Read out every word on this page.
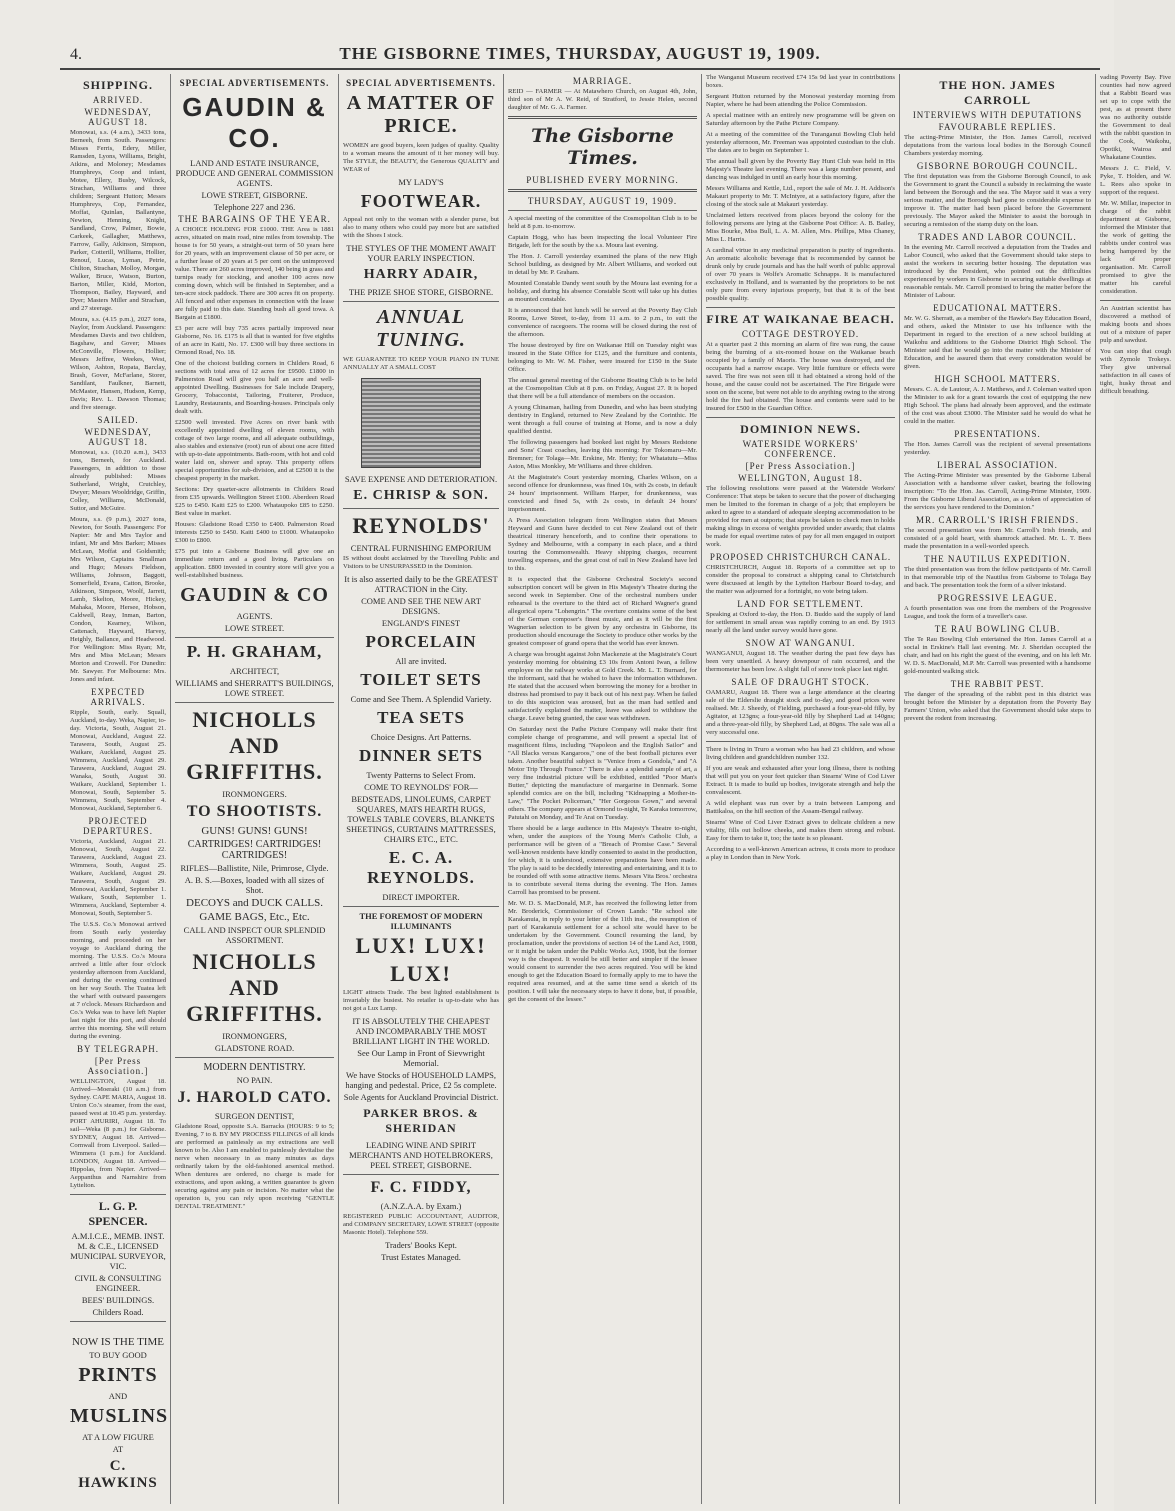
4.	THE GISBORNE TIMES, THURSDAY, AUGUST 19, 1909.
SHIPPING.
ARRIVED.
WEDNESDAY, AUGUST 18.

Monowai, s.s. (4 a.m.), 3433 tons, Berneeh, from South. Passengers: Misses Ferris, Edery, Miller, Ramsden, Lyons, Williams, Bright, Atkins, and Moloney; Mesdames Humphreys, Coop and infant, Motee, Ellery, Busby, Wilcock, Strachan, Williams and three children; Sergeant Hutton; Messrs Humphreys, Cop, Fernandez, Moffat, Quinlan, Ballantyne, Newton, Henning, Knight, Sandland, Crow, Palmer, Bowie, Carkeek, Gallagher, Matthews, Farrow, Gally, Atkinson, Simpson, Parker, Cotterill, Williams, Hollier, Renouf, Lucas, Lyman, Petrie, Chilton, Strachan, Molloy, Morgan, Walker, Bruce, Watson, Burton, Barton, Miller, Kidd, Morton, Thompson, Bailey, Hayward, and Dyer; Masters Miller and Strachan, and 27 steerage.

Moura, s.s. (4.15 p.m.), 2027 tons, Naylor, from Auckland. Passengers: Mesdames Davis and two children, Bagshaw, and Gover; Misses McConville, Flowers, Hollier; Messrs Jeffree, Weekes, West, Wilson, Ashton, Ropata, Barclay, Brash, Gover, McFarlane, Storer, Sandilant, Faulkner, Barnett, McMaster, Hansen, Hudson, Kemp, Davis; Rev. L. Dawson Thomas; and five steerage.

SAILED.
WEDNESDAY, AUGUST 18.

Monowai, s.s. (10.20 a.m.), 3433 tons, Berneeh, for Auckland. Passengers, in addition to those already published: Misses Sutherland, Wright, Crutchley, Dwyer; Messrs Wooldridge, Griffin, Colley, Williams, McDonald, Suttor, and McGuire.

Moura, s.s. (9 p.m.), 2027 tons, Newton, for South. Passengers: For Napier: Mr and Mrs Taylor and infant, Mr and Mrs Barker; Misses McLean, Moffat and Goldsmith; Mrs Wilson, Captains Smallman and Hugo; Messrs Fieldson, Williams, Johnson, Baggott, Somerfield, Evans, Catton, Brooke, Atkinson, Simpson, Woolf, Jarrett, Lamb, Skelton, Moore, Hickey, Mahaka, Moore, Hersee, Hobson, Caldwell, Reay, Inman, Barton, Condon, Kearney, Wilson, Cattenach, Hayward, Harvey, Heighly, Ballance, and Headwood. For Wellington: Miss Ryan; Mr, Mrs and Miss McLean; Messrs Morton and Crowell. For Dunedin: Mr. Sawyer. For Melbourne: Mrs. Jones and infant.

EXPECTED ARRIVALS.

Ripple, South, early. Squall, Auckland, to-day. Weka, Napier, to-day. Victoria, South, August 21. Monowai, Auckland, August 22. Tarawera, South, August 25. Waikare, Auckland, August 25. Wimmera, Auckland, August 29. Tarawera, Auckland, August 29. Wanaka, South, August 30. Waikare, Auckland, September 1. Monowai, South, September 5. Wimmera, South, September 4. Monowai, Auckland, September 6.

PROJECTED DEPARTURES.

Victoria, Auckland, August 21. Monowai, South, August 22. Tarawera, Auckland, August 23. Wimmera, South, August 25. Waikare, Auckland, August 29. Tarawera, South, August 29. Monowai, Auckland, September 1. Waikare, South, September 1. Wimmera, Auckland, September 4. Monowai, South, September 5.

The U.S.S. Co.'s Monowai arrived from South early yesterday morning, and proceeded on her voyage to Auckland during the morning. The U.S.S. Co.'s Moura arrived a little after four o'clock yesterday afternoon from Auckland, and during the evening continued on her way South. The Tuatea left the wharf with outward passengers at 7 o'clock. Messrs Richardson and Co.'s Weka was to have left Napier last night for this port, and should arrive this morning. She will return during the evening.

BY TELEGRAPH.
[Per Press Association.]

WELLINGTON, August 18. Arrived—Moeraki (10 a.m.) from Sydney. CAPE MARIA, August 18. Union Co.'s steamer, from the east, passed west at 10.45 p.m. yesterday. PORT AHURIRI, August 18. To sail—Weka (8 p.m.) for Gisborne. SYDNEY, August 18. Arrived—Cornwall from Liverpool. Sailed—Wimmera (1 p.m.) for Auckland. LONDON, August 18. Arrived—Hippolas, from Napier. Arrived—Aeppanthus and Narnshire from Lyttelton.

L. G. P. SPENCER.
A.M.I.C.E., MEMB. INST. M. & C.E., LICENSED MUNICIPAL SURVEYOR, VIC.
CIVIL & CONSULTING ENGINEER.
BEES' BUILDINGS.
Childers Road.
NOW IS THE TIME
TO BUY GOOD
PRINTS
AND
MUSLINS
AT A LOW FIGURE
AT
C. HAWKINS
SPECIAL ADVERTISEMENTS.
GAUDIN & CO.
LAND AND ESTATE INSURANCE, PRODUCE AND GENERAL COMMISSION AGENTS.
LOWE STREET, GISBORNE.
Telephone 227 and 236.
THE BARGAINS OF THE YEAR.

A CHOICE HOLDING FOR £1000. THE Area is 1881 acres, situated on main road, nine miles from township. The house is for 50 years, a straight-out term of 50 years here for 20 years, with an improvement clause of 50 per acre, or a further lease of 20 years at 5 per cent on the unimproved value. There are 260 acres improved, 140 being in grass and turnips ready for stocking, and another 100 acres now coming down, which will be finished in September, and a ten-acre stock paddock. There are 300 acres fit on property. All fenced and other expenses in connection with the lease are fully paid to this date. Standing bush all good towa. A Bargain at £1800.

£3 per acre will buy 735 acres partially improved near Gisborne, No. 16. £175 is all that is wanted for five eighths of an acre in Kaiti, No. 17. £300 will buy three sections in Ormond Road, No. 18.

One of the choicest building corners in Childers Road, 6 sections with total area of 12 acres for £9500. £1800 in Palmerston Road will give you half an acre and well-appointed Dwelling. Businesses for Sale include Drapery, Grocery, Tobacconist, Tailoring, Fruiterer, Produce, Laundry, Restaurants, and Boarding-houses. Principals only dealt with.

£2500 well invested. Five Acres on river bank with excellently appointed dwelling of eleven rooms, with cottage of two large rooms, and all adequate outbuildings, also stables and extensive (root) run of about one acre fitted with up-to-date appointments. Bath-room, with hot and cold water laid on, shower and spray. This property offers special opportunities for sub-division, and at £2500 it is the cheapest property in the market.

Sections: Dry quarter-acre allotments in Childers Road from £35 upwards. Wellington Street £100. Aberdeen Road £25 to £450. Kaiti £25 to £200. Whataupoko £85 to £250. Best value in market.

Houses: Gladstone Road £350 to £400. Palmerston Road interests £250 to £450. Kaiti £400 to £1000. Whataupoko £300 to £800.

£75 put into a Gisborne Business will give one an immediate return and a good living. Particulars on application. £800 invested in country store will give you a well-established business.

GAUDIN & CO
AGENTS.
LOWE STREET.
P. H. GRAHAM,
ARCHITECT,
WILLIAMS and SHERRATT'S BUILDINGS, LOWE STREET.
NICHOLLS AND GRIFFITHS.
IRONMONGERS.
TO SHOOTISTS.
GUNS! GUNS! GUNS!
CARTRIDGES! CARTRIDGES! CARTRIDGES!
RIFLES—Ballistite, Nile, Primrose, Clyde.
A. B. S.—Boxes, loaded with all sizes of Shot.
DECOYS and DUCK CALLS.
GAME BAGS, Etc., Etc.
CALL AND INSPECT OUR SPLENDID ASSORTMENT.
NICHOLLS AND GRIFFITHS.
IRONMONGERS,
GLADSTONE ROAD.
MODERN DENTISTRY.
NO PAIN.
J. HAROLD CATO.
SURGEON DENTIST,

Gladstone Road, opposite S.A. Barracks (HOURS: 9 to 5; Evening, 7 to 8. BY MY PROCESS FILLINGS of all kinds are performed as painlessly as my extractions are well known to be. Also I am enabled to painlessly devitalise the nerve when necessary in as many minutes as days ordinarily taken by the old-fashioned arsenical method. When dentures are ordered, no charge is made for extractions, and upon asking, a written guarantee is given securing against any pain or incision. No matter what the operation is, you can rely upon receiving "GENTLE DENTAL TREATMENT."

SPECIAL ADVERTISEMENTS.
A MATTER OF PRICE.

WOMEN are good buyers, keen judges of quality. Quality to a woman means the amount of it her money will buy. The STYLE, the BEAUTY, the Generous QUALITY and WEAR of

MY LADY'S
FOOTWEAR.

Appeal not only to the woman with a slender purse, but also to many others who could pay more but are satisfied with the Shoes I stock.

THE STYLES OF THE MOMENT AWAIT YOUR EARLY INSPECTION.
HARRY ADAIR,
THE PRIZE SHOE STORE, GISBORNE.
ANNUAL TUNING.

WE GUARANTEE TO KEEP YOUR PIANO IN TUNE ANNUALLY AT A SMALL COST

SAVE EXPENSE AND DETERIORATION.
E. CHRISP & SON.
REYNOLDS'
CENTRAL FURNISHING EMPORIUM

IS without doubt acclaimed by the Travelling Public and Visitors to be UNSURPASSED in the Dominion.

It is also asserted daily to be the GREATEST ATTRACTION in the City.
COME AND SEE THE NEW ART DESIGNS.
ENGLAND'S FINEST
PORCELAIN
All are invited.
TOILET SETS
Come and See Them. A Splendid Variety.
TEA SETS
Choice Designs. Art Patterns.
DINNER SETS
Twenty Patterns to Select From.
COME TO REYNOLDS' FOR—
BEDSTEADS, LINOLEUMS, CARPET SQUARES, MATS HEARTH RUGS, TOWELS TABLE COVERS, BLANKETS SHEETINGS, CURTAINS MATTRESSES, CHAIRS ETC., ETC.
E. C. A. REYNOLDS.
DIRECT IMPORTER.
THE FOREMOST OF MODERN ILLUMINANTS
LUX! LUX!
LUX!

LIGHT attracts Trade. The best lighted establishment is invariably the busiest. No retailer is up-to-date who has not got a Lux Lamp.

IT IS ABSOLUTELY THE CHEAPEST AND INCOMPARABLY THE MOST BRILLIANT LIGHT IN THE WORLD.
See Our Lamp in Front of Sievwright Memorial.
We have Stocks of HOUSEHOLD LAMPS, hanging and pedestal. Price, £2 5s complete.
Sole Agents for Auckland Provincial District.
PARKER BROS. & SHERIDAN
LEADING WINE AND SPIRIT MERCHANTS AND HOTELBROKERS, PEEL STREET, GISBORNE.
F. C. FIDDY,
(A.N.Z.A.A. by Exam.)

REGISTERED PUBLIC ACCOUNTANT, AUDITOR, and COMPANY SECRETARY, LOWE STREET (opposite Masonic Hotel). Telephone 559.

Traders' Books Kept.
Trust Estates Managed.
MARRIAGE.

REID — FARMER — At Matawhero Church, on August 4th, John, third son of Mr A. W. Reid, of Stratford, to Jessie Helen, second daughter of Mr. G. A. Farmer.

The Gisborne Times.
PUBLISHED EVERY MORNING.
THURSDAY, AUGUST 19, 1909.

A special meeting of the committee of the Cosmopolitan Club is to be held at 8 p.m. to-morrow.

Captain Hogg, who has been inspecting the local Volunteer Fire Brigade, left for the south by the s.s. Moura last evening.

The Hon. J. Carroll yesterday examined the plans of the new High School building, as designed by Mr. Albert Williams, and worked out in detail by Mr. P. Graham.

Mounted Constable Dandy went south by the Moura last evening for a holiday, and during his absence Constable Scott will take up his duties as mounted constable.

It is announced that hot lunch will be served at the Poverty Bay Club Rooms, Lowe Street, to-day, from 11 a.m. to 2 p.m., to suit the convenience of racegoers. The rooms will be closed during the rest of the afternoon.

The house destroyed by fire on Waikanae Hill on Tuesday night was insured in the State Office for £125, and the furniture and contents, belonging to Mr. W. M. Fisher, were insured for £150 in the State Office.

The annual general meeting of the Gisborne Boating Club is to be held at the Cosmopolitan Club at 8 p.m. on Friday, August 27. It is hoped that there will be a full attendance of members on the occasion.

A young Chinaman, hailing from Dunedin, and who has been studying dentistry in England, returned to New Zealand by the Corinthic. He went through a full course of training at Home, and is now a duly qualified dentist.

The following passengers had booked last night by Messrs Redstone and Sons' Coast coaches, leaving this morning: For Tokomaru—Mr. Bremner; for Tolaga—Mr. Erskine, Mr. Henty; for Whatatutu—Miss Aston, Miss Monkley, Mr Williams and three children.

At the Magistrate's Court yesterday morning, Charles Wilson, on a second offence for drunkenness, was fined 10s, with 2s costs, in default 24 hours' imprisonment. William Harper, for drunkenness, was convicted and fined 5s, with 2s costs, in default 24 hours' imprisonment.

A Press Association telegram from Wellington states that Messrs Heyward and Gunn have decided to cut New Zealand out of their theatrical itinerary henceforth, and to confine their operations to Sydney and Melbourne, with a company in each place, and a third touring the Commonwealth. Heavy shipping charges, recurrent travelling expenses, and the great cost of rail in New Zealand have led to this.

It is expected that the Gisborne Orchestral Society's second subscription concert will be given in His Majesty's Theatre during the second week in September. One of the orchestral numbers under rehearsal is the overture to the third act of Richard Wagner's grand allegorical opera "Lohengrin." The overture contains some of the best of the German composer's finest music, and as it will be the first Wagnerian selection to be given by any orchestra in Gisborne, its production should encourage the Society to produce other works by the greatest composer of grand opera that the world has ever known.

A charge was brought against John Mackenzie at the Magistrate's Court yesterday morning for obtaining £3 10s from Antoni Iwan, a fellow employee on the railway works at Gold Creek. Mr. L. T. Burnard, for the informant, said that he wished to have the information withdrawn. He stated that the accused when borrowing the money for a brother in distress had promised to pay it back out of his next pay. When he failed to do this suspicion was aroused, but as the man had settled and satisfactorily explained the matter, leave was asked to withdraw the charge. Leave being granted, the case was withdrawn.

On Saturday next the Pathe Picture Company will make their first complete change of programme, and will present a special list of magnificent films, including "Napoleon and the English Sailor" and "All Blacks versus Kangaroos," one of the best football pictures ever taken. Another beautiful subject is "Venice from a Gondola," and "A Motor Trip Through France." There is also a splendid sample of art, a very fine industrial picture will be exhibited, entitled "Poor Man's Butter," depicting the manufacture of margarine in Denmark. Some splendid comics are on the bill, including "Kidnapping a Mother-in-Law," "The Pocket Policeman," "Her Gorgeous Gown," and several others. The company appears at Ormond to-night, Te Karaka tomorrow, Patutahi on Monday, and Te Arai on Tuesday.

There should be a large audience in His Majesty's Theatre to-night, when, under the auspices of the Young Men's Catholic Club, a performance will be given of a "Breach of Promise Case." Several well-known residents have kindly consented to assist in the production, for which, it is understood, extensive preparations have been made. The play is said to be decidedly interesting and entertaining, and it is to be rounded off with some attractive items. Messrs Vita Bros.' orchestra is to contribute several items during the evening. The Hon. James Carroll has promised to be present.

Mr. W. D. S. MacDonald, M.P., has received the following letter from Mr. Broderick, Commissioner of Crown Lands: "Re school site Karakanuia, in reply to your letter of the 11th inst., the resumption of part of Karakanuia settlement for a school site would have to be undertaken by the Government. Council resuming the land, by proclamation, under the provisions of section 14 of the Land Act, 1908, or it might be taken under the Public Works Act, 1908, but the former way is the cheapest. It would be still better and simpler if the lessee would consent to surrender the two acres required. You will be kind enough to get the Education Board to formally apply to me to have the required area resumed, and at the same time send a sketch of its position. I will take the necessary steps to have it done, but, if possible, get the consent of the lessee."

The Wanganui Museum received £74 15s 9d last year in contributions boxes.

Sergeant Hutton returned by the Monowai yesterday morning from Napier, where he had been attending the Police Commission.

A special matinee with an entirely new programme will be given on Saturday afternoon by the Pathe Picture Company.

At a meeting of the committee of the Turanganui Bowling Club held yesterday afternoon, Mr. Freeman was appointed custodian to the club. The dates are to begin on September 1.

The annual ball given by the Poverty Bay Hunt Club was held in His Majesty's Theatre last evening. There was a large number present, and dancing was indulged in until an early hour this morning.

Messrs Williams and Kettle, Ltd., report the sale of Mr. J. H. Addison's Makauri property to Mr. T. McIntyre, at a satisfactory figure, after the closing of the stock sale at Makauri yesterday.

Unclaimed letters received from places beyond the colony for the following persons are lying at the Gisborne Post Office: A. B. Bailey, Miss Bourke, Miss Bull, L. A. M. Allen, Mrs. Phillips, Miss Chaney, Miss L. Harris.

A cardinal virtue in any medicinal preparation is purity of ingredients. An aromatic alcoholic beverage that is recommended by cannot be drunk only by crude journals and has the half worth of public approval of over 70 years is Wolfe's Aromatic Schnapps. It is manufactured exclusively in Holland, and is warranted by the proprietors to be not only pure from every injurious property, but that it is of the best possible quality.

FIRE AT WAIKANAE BEACH.
COTTAGE DESTROYED.

At a quarter past 2 this morning an alarm of fire was rung, the cause being the burning of a six-roomed house on the Waikanae beach occupied by a family of Maoris. The house was destroyed, and the occupants had a narrow escape. Very little furniture or effects were saved. The fire was not seen till it had obtained a strong hold of the house, and the cause could not be ascertained. The Fire Brigade were soon on the scene, but were not able to do anything owing to the strong hold the fire had obtained. The house and contents were said to be insured for £500 in the Guardian Office.

DOMINION NEWS.
WATERSIDE WORKERS' CONFERENCE.
[Per Press Association.]
WELLINGTON, August 18.

The following resolutions were passed at the Waterside Workers' Conference: That steps be taken to secure that the power of discharging men be limited to the foreman in charge of a job; that employers be asked to agree to a standard of adequate sleeping accommodation to be provided for men at outports; that steps be taken to check men in holds making slings in excess of weights provided under awards; that claims be made for equal overtime rates of pay for all men engaged in outport work.

PROPOSED CHRISTCHURCH CANAL.

CHRISTCHURCH, August 18. Reports of a committee set up to consider the proposal to construct a shipping canal to Christchurch were discussed at length by the Lyttelton Harbour Board to-day, and the matter was adjourned for a fortnight, no vote being taken.

LAND FOR SETTLEMENT.

Speaking at Oxford to-day, the Hon. D. Buddo said the supply of land for settlement in small areas was rapidly coming to an end. By 1913 nearly all the land under survey would have gone.

SNOW AT WANGANUI.

WANGANUI, August 18. The weather during the past few days has been very unsettled. A heavy downpour of rain occurred, and the thermometer has been low. A slight fall of snow took place last night.

SALE OF DRAUGHT STOCK.

OAMARU, August 18. There was a large attendance at the clearing sale of the Elderslie draught stock and to-day, and good prices were realised. Mr. J. Sheedy, of Fielding, purchased a four-year-old filly, by Agitator, at 123gns; a four-year-old filly by Shepherd Lad at 140gns; and a three-year-old filly, by Shepherd Lad, at 80gns. The sale was all a very successful one.

There is living in Truro a woman who has had 23 children, and whose living children and grandchildren number 132.

If you are weak and exhausted after your long illness, there is nothing that will put you on your feet quicker than Stearns' Wine of Cod Liver Extract. It is made to build up bodies, invigorate strength and help the convalescent.

A wild elephant was run over by a train between Lampong and Battikaloa, on the hill section of the Assam-Bengal railway.

Stearns' Wine of Cod Liver Extract gives to delicate children a new vitality, fills out hollow cheeks, and makes them strong and robust. Easy for them to take it, too; the taste is so pleasant.

According to a well-known American actress, it costs more to produce a play in London than in New York.

THE HON. JAMES CARROLL
INTERVIEWS WITH DEPUTATIONS
FAVOURABLE REPLIES.

The acting-Prime Minister, the Hon. James Carroll, received deputations from the various local bodies in the Borough Council Chambers yesterday morning.

GISBORNE BOROUGH COUNCIL.

The first deputation was from the Gisborne Borough Council, to ask the Government to grant the Council a subsidy in reclaiming the waste land between the Borough and the sea. The Mayor said it was a very serious matter, and the Borough had gone to considerable expense to improve it. The matter had been placed before the Government previously. The Mayor asked the Minister to assist the borough in securing a remission of the stamp duty on the loan.

TRADES AND LABOR COUNCIL.

In the evening Mr. Carroll received a deputation from the Trades and Labor Council, who asked that the Government should take steps to assist the workers in securing better housing. The deputation was introduced by the President, who pointed out the difficulties experienced by workers in Gisborne in securing suitable dwellings at reasonable rentals. Mr. Carroll promised to bring the matter before the Minister of Labour.

EDUCATIONAL MATTERS.

Mr. W. G. Sherratt, as a member of the Hawke's Bay Education Board, and others, asked the Minister to use his influence with the Department in regard to the erection of a new school building at Waikohu and additions to the Gisborne District High School. The Minister said that he would go into the matter with the Minister of Education, and he assured them that every consideration would be given.

HIGH SCHOOL MATTERS.

Messrs. C. A. de Lautour, A. J. Matthews, and J. Coleman waited upon the Minister to ask for a grant towards the cost of equipping the new High School. The plans had already been approved, and the estimate of the cost was about £3000. The Minister said he would do what he could in the matter.

PRESENTATIONS.

The Hon. James Carroll was the recipient of several presentations yesterday.

LIBERAL ASSOCIATION.

The Acting-Prime Minister was presented by the Gisborne Liberal Association with a handsome silver casket, bearing the following inscription: "To the Hon. Jas. Carroll, Acting-Prime Minister, 1909. From the Gisborne Liberal Association, as a token of appreciation of the services you have rendered to the Dominion."

MR. CARROLL'S IRISH FRIENDS.

The second presentation was from Mr. Carroll's Irish friends, and consisted of a gold heart, with shamrock attached. Mr. L. T. Bees made the presentation in a well-worded speech.

THE NAUTILUS EXPEDITION.

The third presentation was from the fellow participants of Mr. Carroll in that memorable trip of the Nautilus from Gisborne to Tolaga Bay and back. The presentation took the form of a silver inkstand.

PROGRESSIVE LEAGUE.

A fourth presentation was one from the members of the Progressive League, and took the form of a traveller's case.

TE RAU BOWLING CLUB.

The Te Rau Bowling Club entertained the Hon. James Carroll at a social in Erskine's Hall last evening. Mr. J. Sheridan occupied the chair, and had on his right the guest of the evening, and on his left Mr. W. D. S. MacDonald, M.P. Mr. Carroll was presented with a handsome gold-mounted walking stick.

THE RABBIT PEST.

The danger of the spreading of the rabbit pest in this district was brought before the Minister by a deputation from the Poverty Bay Farmers' Union, who asked that the Government should take steps to prevent the rodent from increasing.

vading Poverty Bay. Five counties had now agreed that a Rabbit Board was set up to cope with the pest, as at present there was no authority outside the Government to deal with the rabbit question in the Cook, Waikohu, Opotiki, Wairoa and Whakatane Counties.

Messrs J. C. Field, V. Pyke, T. Holden, and W. L. Rees also spoke in support of the request.

Mr. W. Millar, inspector in charge of the rabbit department at Gisborne, informed the Minister that the work of getting the rabbits under control was being hampered by the lack of proper organisation. Mr. Carroll promised to give the matter his careful consideration.

An Austrian scientist has discovered a method of making boots and shoes out of a mixture of paper pulp and sawdust.

You can stop that cough with Zymole Trokeys. They give universal satisfaction in all cases of tight, husky throat and difficult breathing.
